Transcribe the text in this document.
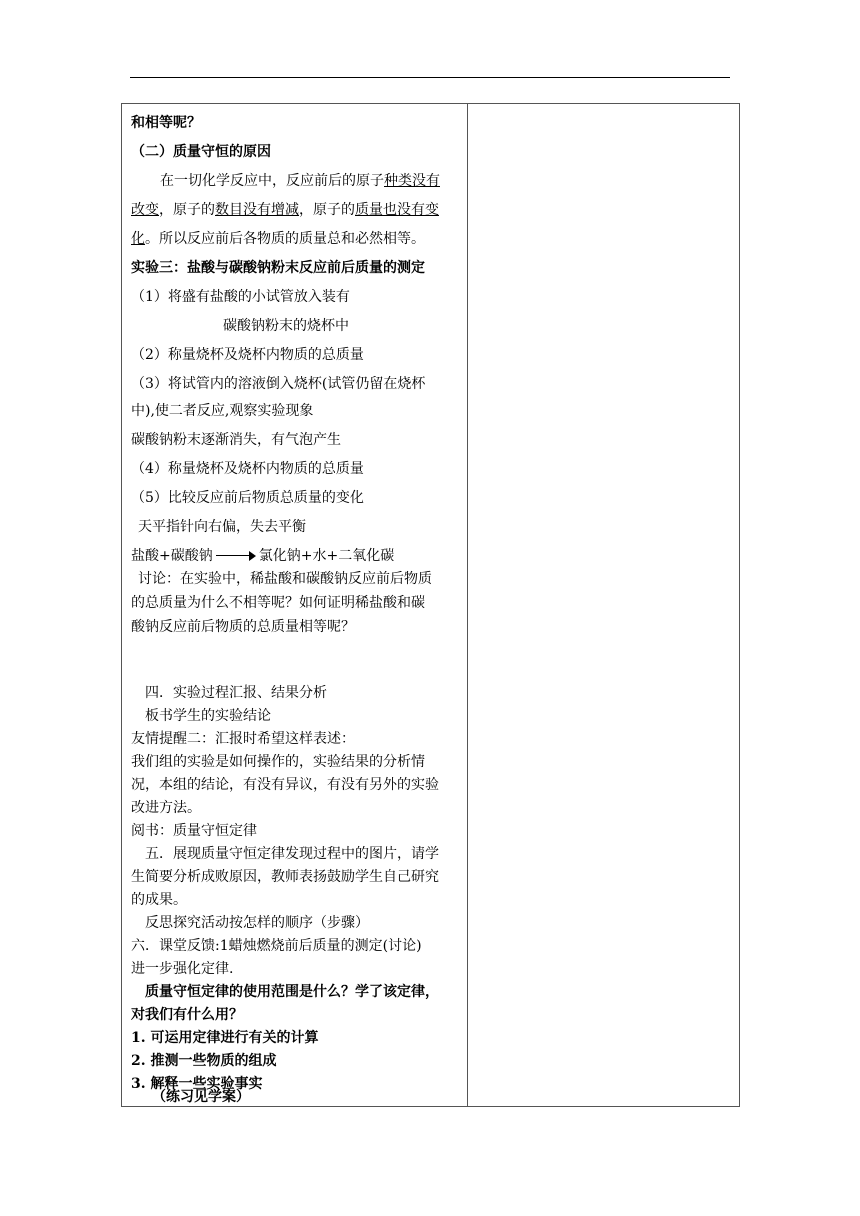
和相等呢？
（二）质量守恒的原因
在一切化学反应中，反应前后的原子种类没有
改变，原子的数目没有增减，原子的质量也没有变
化。所以反应前后各物质的质量总和必然相等。
实验三：盐酸与碳酸钠粉末反应前后质量的测定
（1）将盛有盐酸的小试管放入装有
碳酸钠粉末的烧杯中
（2）称量烧杯及烧杯内物质的总质量
（3）将试管内的溶液倒入烧杯(试管仍留在烧杯
中),使二者反应,观察实验现象
碳酸钠粉末逐渐消失，有气泡产生
（4）称量烧杯及烧杯内物质的总质量
（5）比较反应前后物质总质量的变化
天平指针向右偏，失去平衡
盐酸+碳酸钠	氯化钠+水+二氧化碳
讨论：在实验中，稀盐酸和碳酸钠反应前后物质
的总质量为什么不相等呢？如何证明稀盐酸和碳
酸钠反应前后物质的总质量相等呢？
四．实验过程汇报、结果分析
板书学生的实验结论
友情提醒二：汇报时希望这样表述：
我们组的实验是如何操作的，实验结果的分析情
况，本组的结论，有没有异议，有没有另外的实验
改进方法。
阅书：质量守恒定律
五．展现质量守恒定律发现过程中的图片，请学
生简要分析成败原因，教师表扬鼓励学生自己研究
的成果。
反思探究活动按怎样的顺序（步骤）
六．课堂反馈:1蜡烛燃烧前后质量的测定(讨论)
进一步强化定律.
质量守恒定律的使用范围是什么？学了该定律，
对我们有什么用？
1. 可运用定律进行有关的计算
2. 推测一些物质的组成
3. 解释一些实验事实
（练习见学案）
